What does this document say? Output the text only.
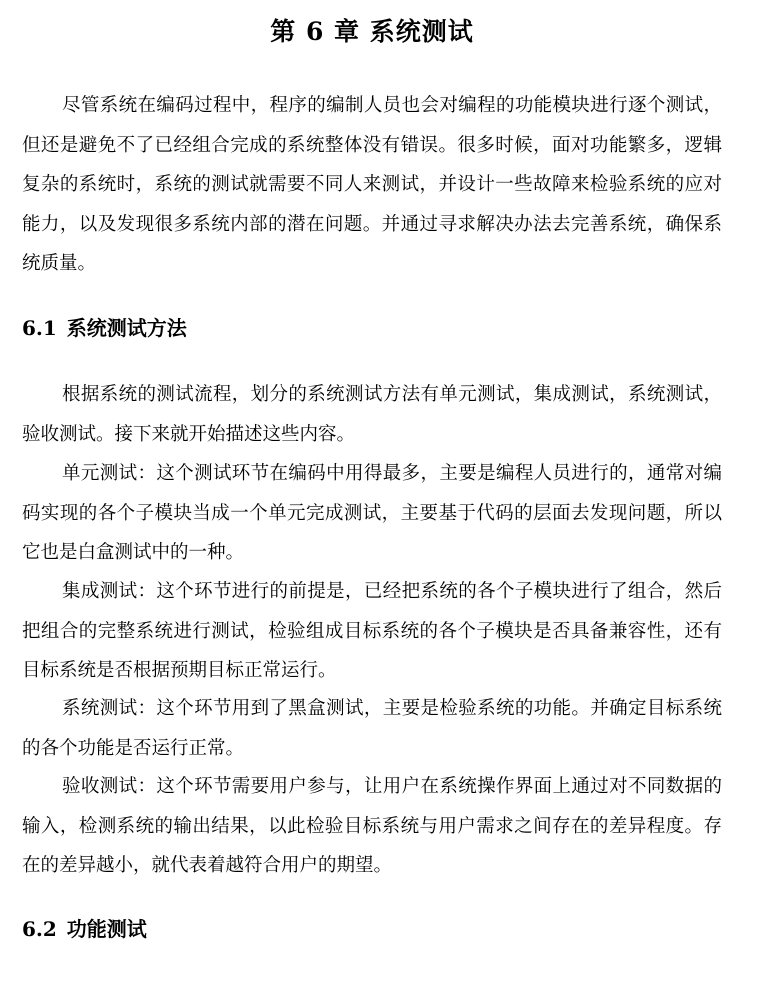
第 6 章 系统测试

尽管系统在编码过程中，程序的编制人员也会对编程的功能模块进行逐个测试，但还是避免不了已经组合完成的系统整体没有错误。很多时候，面对功能繁多，逻辑复杂的系统时，系统的测试就需要不同人来测试，并设计一些故障来检验系统的应对能力，以及发现很多系统内部的潜在问题。并通过寻求解决办法去完善系统，确保系统质量。

6.1 系统测试方法

根据系统的测试流程，划分的系统测试方法有单元测试，集成测试，系统测试，验收测试。接下来就开始描述这些内容。

单元测试：这个测试环节在编码中用得最多，主要是编程人员进行的，通常对编码实现的各个子模块当成一个单元完成测试，主要基于代码的层面去发现问题，所以它也是白盒测试中的一种。

集成测试：这个环节进行的前提是，已经把系统的各个子模块进行了组合，然后把组合的完整系统进行测试，检验组成目标系统的各个子模块是否具备兼容性，还有目标系统是否根据预期目标正常运行。

系统测试：这个环节用到了黑盒测试，主要是检验系统的功能。并确定目标系统的各个功能是否运行正常。

验收测试：这个环节需要用户参与，让用户在系统操作界面上通过对不同数据的输入，检测系统的输出结果，以此检验目标系统与用户需求之间存在的差异程度。存在的差异越小，就代表着越符合用户的期望。

6.2 功能测试
